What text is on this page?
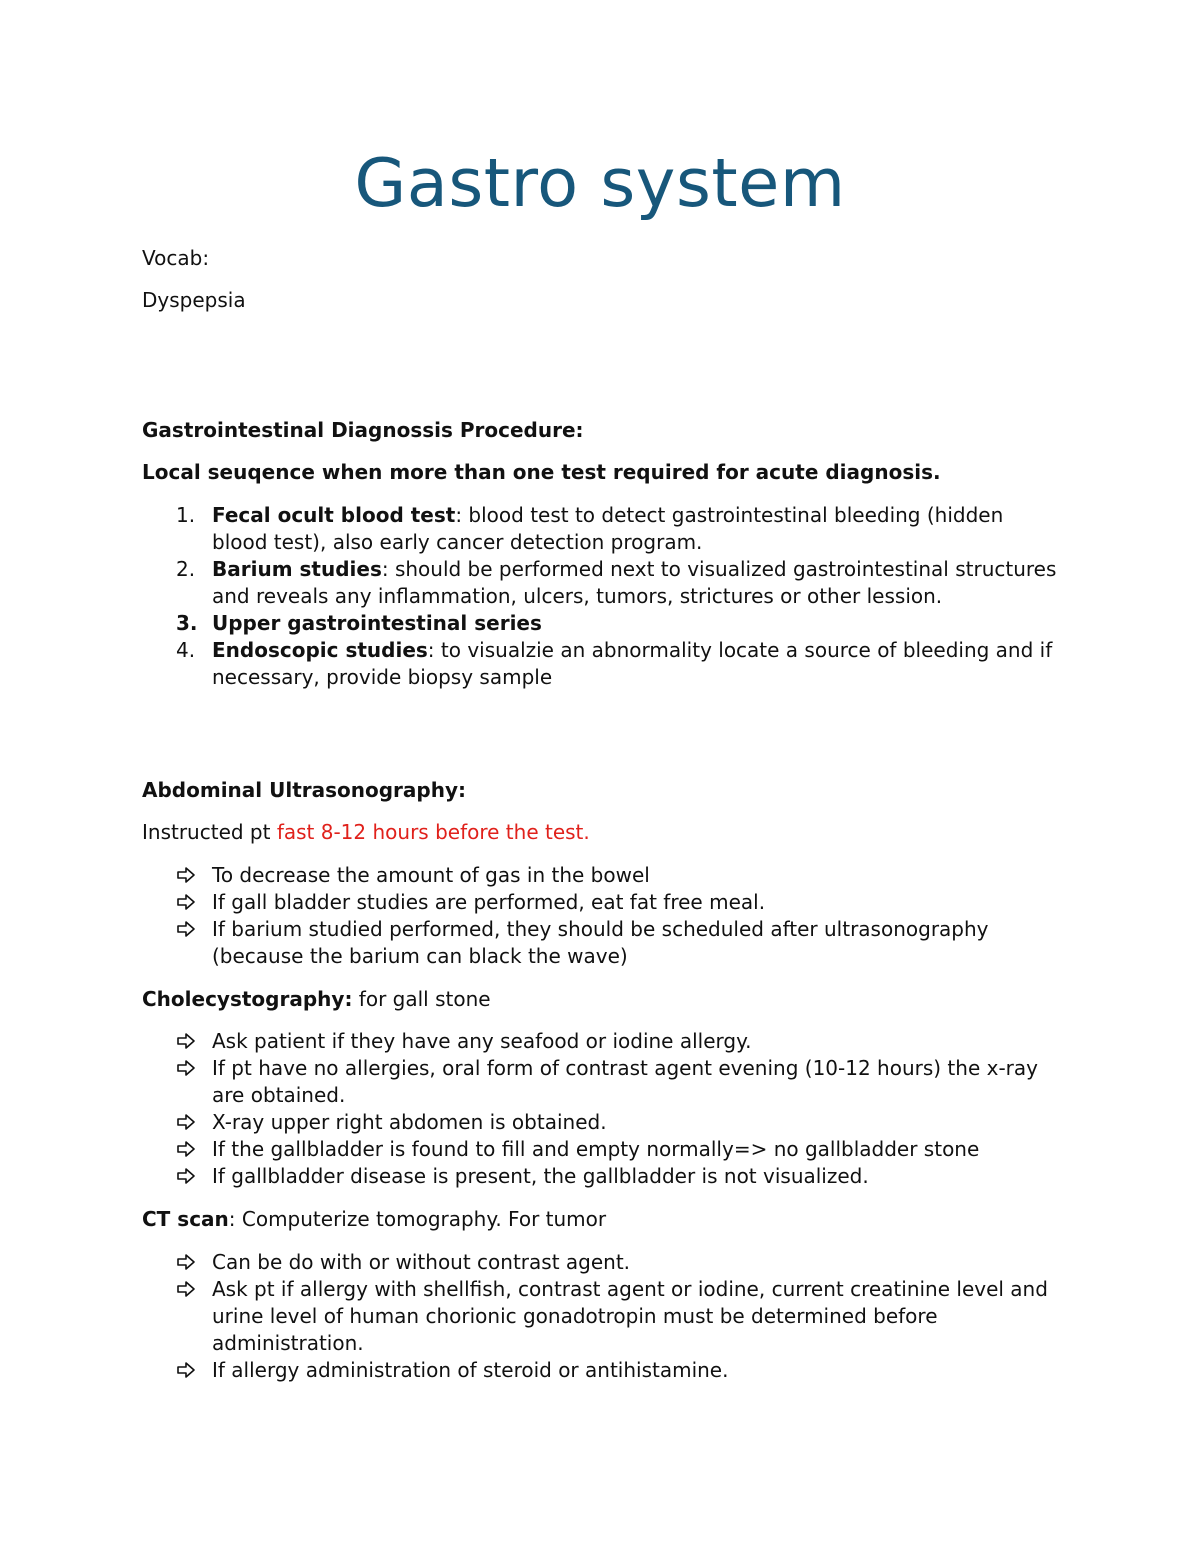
Gastro system

Vocab:

Dyspepsia

Gastrointestinal Diagnossis Procedure:

Local seuqence when more than one test required for acute diagnosis.

1. Fecal ocult blood test: blood test to detect gastrointestinal bleeding (hidden blood test), also early cancer detection program.
2. Barium studies: should be performed next to visualized gastrointestinal structures and reveals any inflammation, ulcers, tumors, strictures or other lession.
3. Upper gastrointestinal series
4. Endoscopic studies: to visualzie an abnormality locate a source of bleeding and if necessary, provide biopsy sample

Abdominal Ultrasonography:

Instructed pt fast 8-12 hours before the test.

To decrease the amount of gas in the bowel
If gall bladder studies are performed, eat fat free meal.
If barium studied performed, they should be scheduled after ultrasonography (because the barium can black the wave)

Cholecystography: for gall stone

Ask patient if they have any seafood or iodine allergy.
If pt have no allergies, oral form of contrast agent evening (10-12 hours) the x-ray are obtained.
X-ray upper right abdomen is obtained.
If the gallbladder is found to fill and empty normally=> no gallbladder stone
If gallbladder disease is present, the gallbladder is not visualized.

CT scan: Computerize tomography. For tumor

Can be do with or without contrast agent.
Ask pt if allergy with shellfish, contrast agent or iodine, current creatinine level and urine level of human chorionic gonadotropin must be determined before administration.
If allergy administration of steroid or antihistamine.
